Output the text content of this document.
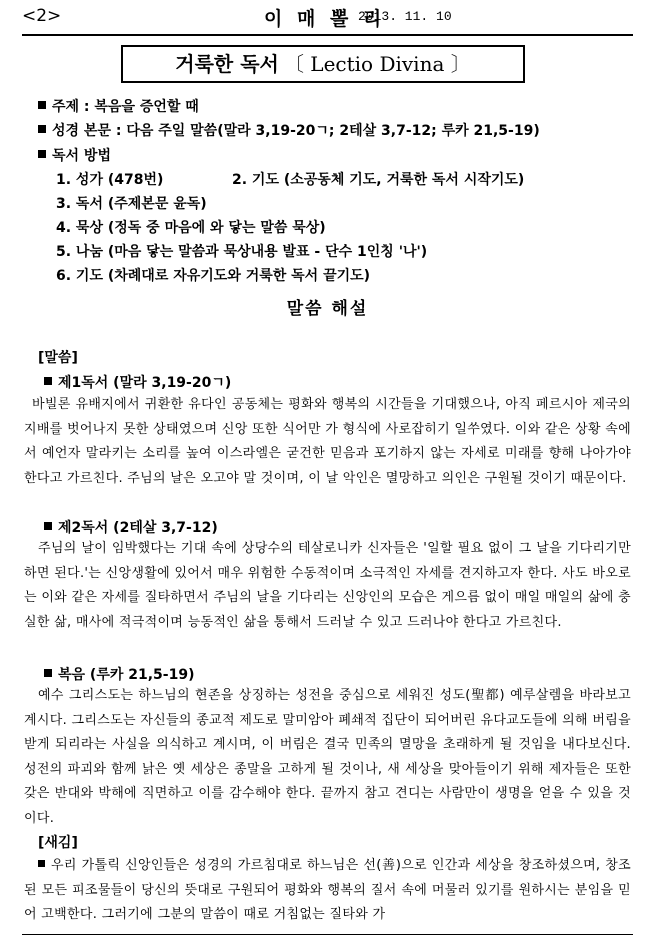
<2>	이 매 뽈 리
2013. 11. 10
거룩한 독서 〔 Lectio Divina 〕
주제 : 복음을 증언할 때
성경 본문 : 다음 주일 말씀(말라 3,19-20ㄱ; 2테살 3,7-12; 루카 21,5-19)
독서 방법
1. 성가 (478번)	2. 기도 (소공동체 기도, 거룩한 독서 시작기도)
3. 독서 (주제본문 윤독)
4. 묵상 (정독 중 마음에 와 닿는 말씀 묵상)
5. 나눔 (마음 닿는 말씀과 묵상내용 발표 - 단수 1인칭 '나')
6. 기도 (차례대로 자유기도와 거룩한 독서 끝기도)
말씀 해설
[말씀]
제1독서 (말라 3,19-20ㄱ)
바빌론 유배지에서 귀환한 유다인 공동체는 평화와 행복의 시간들을 기대했으나, 아직 페르시아 제국의 지배를 벗어나지 못한 상태였으며 신앙 또한 식어만 가 형식에 사로잡히기 일쑤였다. 이와 같은 상황 속에서 예언자 말라키는 소리를 높여 이스라엘은 굳건한 믿음과 포기하지 않는 자세로 미래를 향해 나아가야 한다고 가르친다. 주님의 날은 오고야 말 것이며, 이 날 악인은 멸망하고 의인은 구원될 것이기 때문이다.
제2독서 (2테살 3,7-12)
주님의 날이 임박했다는 기대 속에 상당수의 테살로니카 신자들은 '일할 필요 없이 그 날을 기다리기만 하면 된다.'는 신앙생활에 있어서 매우 위험한 수동적이며 소극적인 자세를 견지하고자 한다. 사도 바오로는 이와 같은 자세를 질타하면서 주님의 날을 기다리는 신앙인의 모습은 게으름 없이 매일 매일의 삶에 충실한 삶, 매사에 적극적이며 능동적인 삶을 통해서 드러날 수 있고 드러나야 한다고 가르친다.
복음 (루카 21,5-19)
예수 그리스도는 하느님의 현존을 상징하는 성전을 중심으로 세워진 성도(聖都) 예루살렘을 바라보고 계시다. 그리스도는 자신들의 종교적 제도로 말미암아 폐쇄적 집단이 되어버린 유다교도들에 의해 버림을 받게 되리라는 사실을 의식하고 계시며, 이 버림은 결국 민족의 멸망을 초래하게 될 것임을 내다보신다. 성전의 파괴와 함께 낡은 옛 세상은 종말을 고하게 될 것이나, 새 세상을 맞아들이기 위해 제자들은 또한 갖은 반대와 박해에 직면하고 이를 감수해야 한다. 끝까지 참고 견디는 사람만이 생명을 얻을 수 있을 것이다.
[새김]
우리 가톨릭 신앙인들은 성경의 가르침대로 하느님은 선(善)으로 인간과 세상을 창조하셨으며, 창조된 모든 피조물들이 당신의 뜻대로 구원되어 평화와 행복의 질서 속에 머물러 있기를 원하시는 분임을 믿어 고백한다. 그러기에 그분의 말씀이 때로 거침없는 질타와 가
